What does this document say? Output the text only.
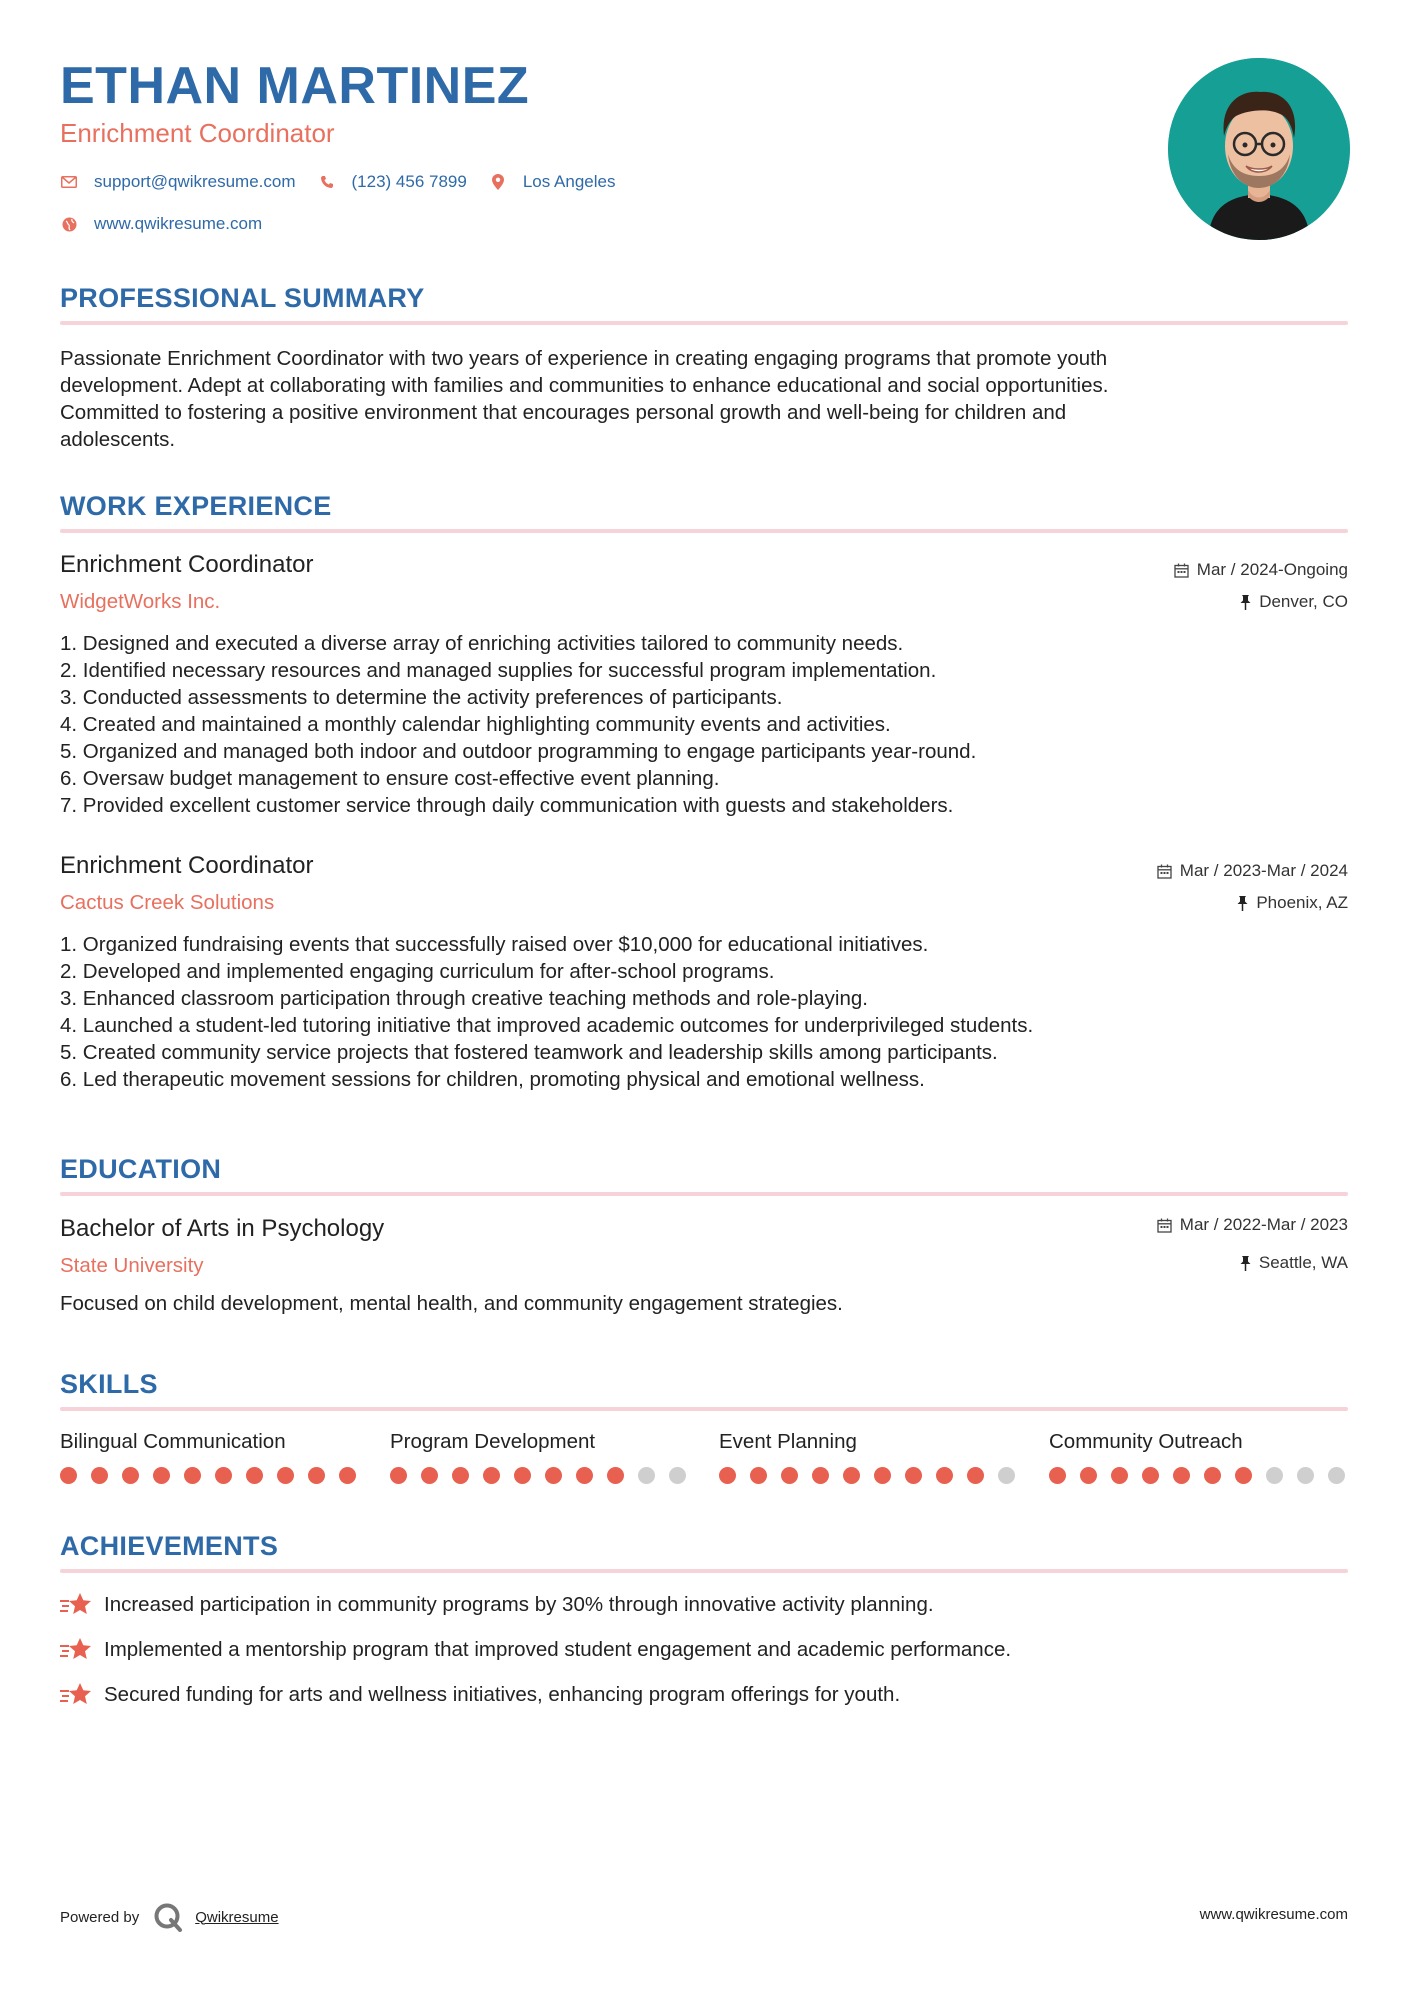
ETHAN MARTINEZ
Enrichment Coordinator
support@qwikresume.com	(123) 456 7899	Los Angeles
www.qwikresume.com
PROFESSIONAL SUMMARY
Passionate Enrichment Coordinator with two years of experience in creating engaging programs that promote youth
development. Adept at collaborating with families and communities to enhance educational and social opportunities.
Committed to fostering a positive environment that encourages personal growth and well-being for children and
adolescents.
WORK EXPERIENCE
Enrichment Coordinator
WidgetWorks Inc.
Mar / 2024-Ongoing
Denver, CO
1. Designed and executed a diverse array of enriching activities tailored to community needs.
2. Identified necessary resources and managed supplies for successful program implementation.
3. Conducted assessments to determine the activity preferences of participants.
4. Created and maintained a monthly calendar highlighting community events and activities.
5. Organized and managed both indoor and outdoor programming to engage participants year-round.
6. Oversaw budget management to ensure cost-effective event planning.
7. Provided excellent customer service through daily communication with guests and stakeholders.
Enrichment Coordinator
Cactus Creek Solutions
Mar / 2023-Mar / 2024
Phoenix, AZ
1. Organized fundraising events that successfully raised over $10,000 for educational initiatives.
2. Developed and implemented engaging curriculum for after-school programs.
3. Enhanced classroom participation through creative teaching methods and role-playing.
4. Launched a student-led tutoring initiative that improved academic outcomes for underprivileged students.
5. Created community service projects that fostered teamwork and leadership skills among participants.
6. Led therapeutic movement sessions for children, promoting physical and emotional wellness.
EDUCATION
Bachelor of Arts in Psychology
State University
Mar / 2022-Mar / 2023
Seattle, WA
Focused on child development, mental health, and community engagement strategies.
SKILLS
Bilingual Communication	Program Development	Event Planning	Community Outreach
ACHIEVEMENTS
Increased participation in community programs by 30% through innovative activity planning.
Implemented a mentorship program that improved student engagement and academic performance.
Secured funding for arts and wellness initiatives, enhancing program offerings for youth.
Powered by	Qwikresume	www.qwikresume.com
